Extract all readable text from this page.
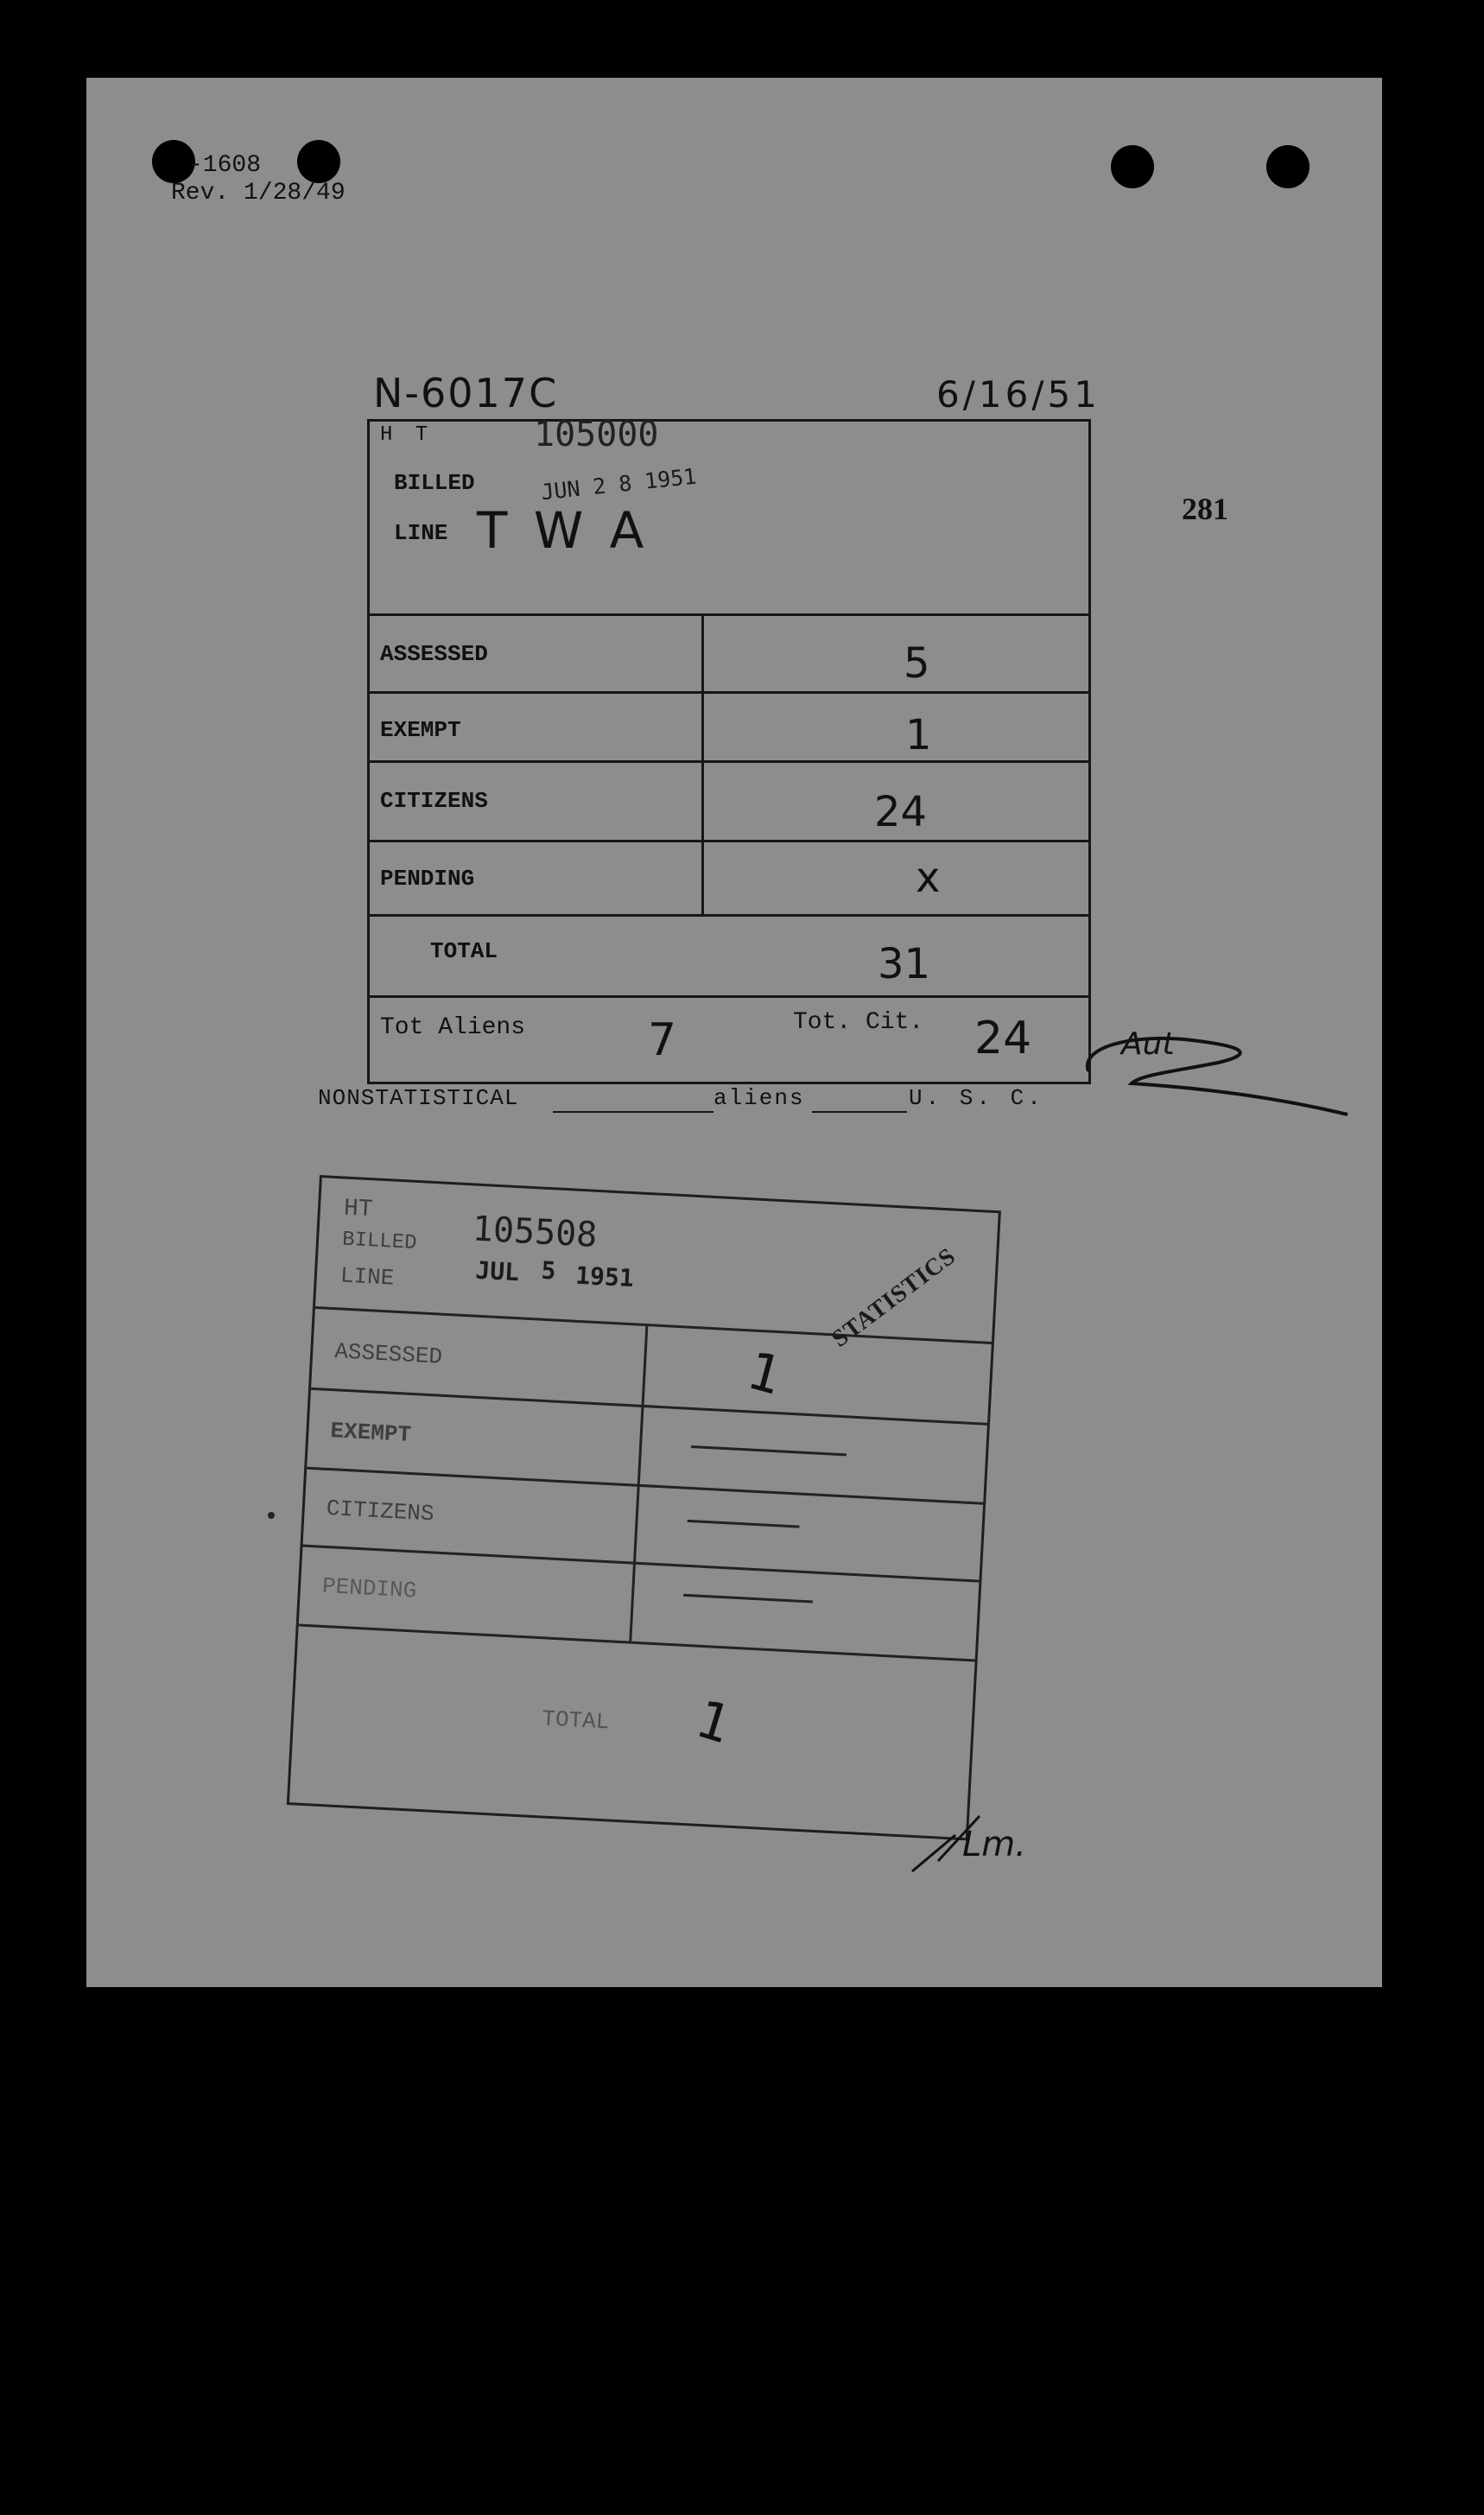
-1608
Rev. 1/28/49
N-6017C	6/16/51
281
H T	105000
BILLED	JUN 2 8 1951
LINE T W A
ASSESSED	5
EXEMPT	1
CITIZENS	24
PENDING	x
TOTAL	31
Tot Aliens	7	Tot. Cit. 24	Aut
NONSTATISTICAL	aliens	U. S. C.
HT	105508
BILLED
LINE	JUL 5 1951
ASSESSED	1
STATISTICS
EXEMPT
CITIZENS
PENDING
TOTAL 1
Lm.
